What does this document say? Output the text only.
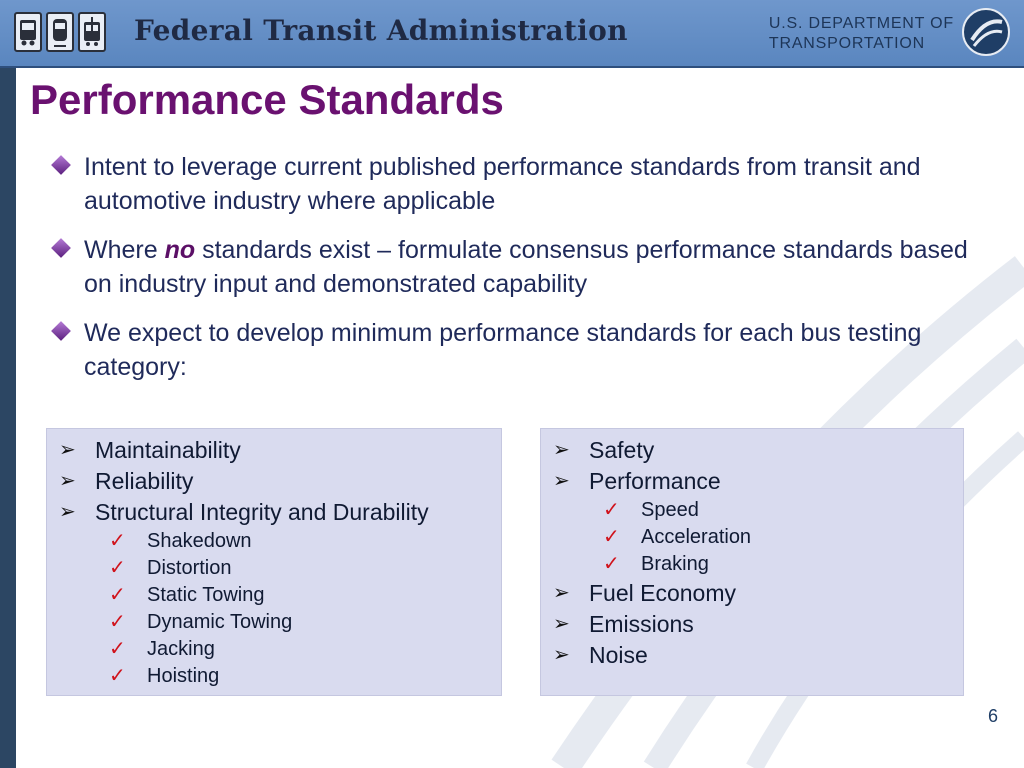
Federal Transit Administration	U.S. DEPARTMENT OF
TRANSPORTATION
Performance Standards
Intent to leverage current published performance standards from transit and automotive industry where applicable
Where no standards exist – formulate consensus performance standards based on industry input and demonstrated capability
We expect to develop minimum performance standards for each bus testing category:
➢ Maintainability
➢ Reliability
➢ Structural Integrity and Durability
✓ Shakedown
✓ Distortion
✓ Static Towing
✓ Dynamic Towing
✓ Jacking
✓ Hoisting
➢ Safety
➢ Performance
✓ Speed
✓ Acceleration
✓ Braking
➢ Fuel Economy
➢ Emissions
➢ Noise
6
